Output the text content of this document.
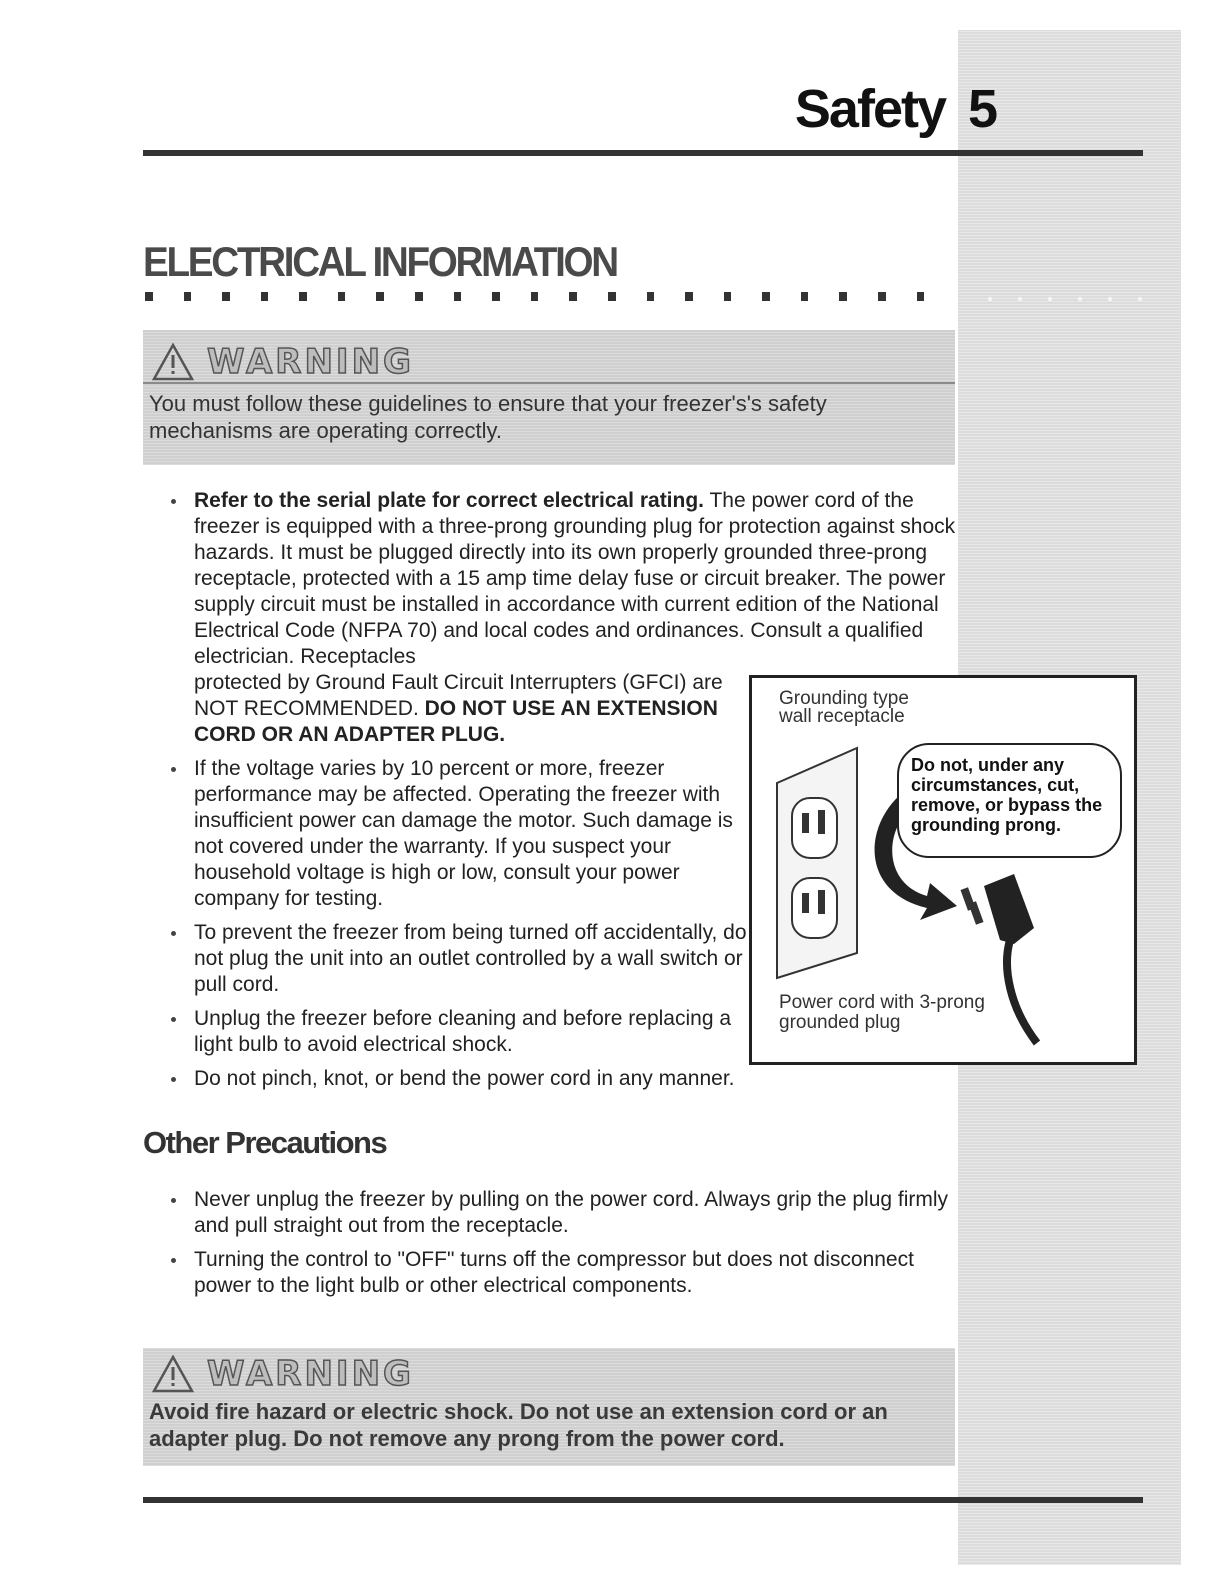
Safety 5
ELECTRICAL INFORMATION
WARNING
You must follow these guidelines to ensure that your freezer's's safety mechanisms are operating correctly.
Refer to the serial plate for correct electrical rating. The power cord of the freezer is equipped with a three-prong grounding plug for protection against shock hazards. It must be plugged directly into its own properly grounded three-prong receptacle, protected with a 15 amp time delay fuse or circuit breaker. The power supply circuit must be installed in accordance with current edition of the National Electrical Code (NFPA 70) and local codes and ordinances. Consult a qualified electrician. Receptacles
protected by Ground Fault Circuit Interrupters (GFCI) are NOT RECOMMENDED. DO NOT USE AN EXTENSION CORD OR AN ADAPTER PLUG.
If the voltage varies by 10 percent or more, freezer performance may be affected. Operating the freezer with insufficient power can damage the motor. Such damage is not covered under the warranty. If you suspect your household voltage is high or low, consult your power company for testing.
To prevent the freezer from being turned off accidentally, do not plug the unit into an outlet controlled by a wall switch or pull cord.
Unplug the freezer before cleaning and before replacing a light bulb to avoid electrical shock.
Do not pinch, knot, or bend the power cord in any manner.
Grounding type wall receptacle
Do not, under any circumstances, cut, remove, or bypass the grounding prong.
Power cord with 3-prong grounded plug
Other Precautions
Never unplug the freezer by pulling on the power cord. Always grip the plug firmly and pull straight out from the receptacle.
Turning the control to "OFF" turns off the compressor but does not disconnect power to the light bulb or other electrical components.
WARNING
Avoid fire hazard or electric shock. Do not use an extension cord or an adapter plug. Do not remove any prong from the power cord.
